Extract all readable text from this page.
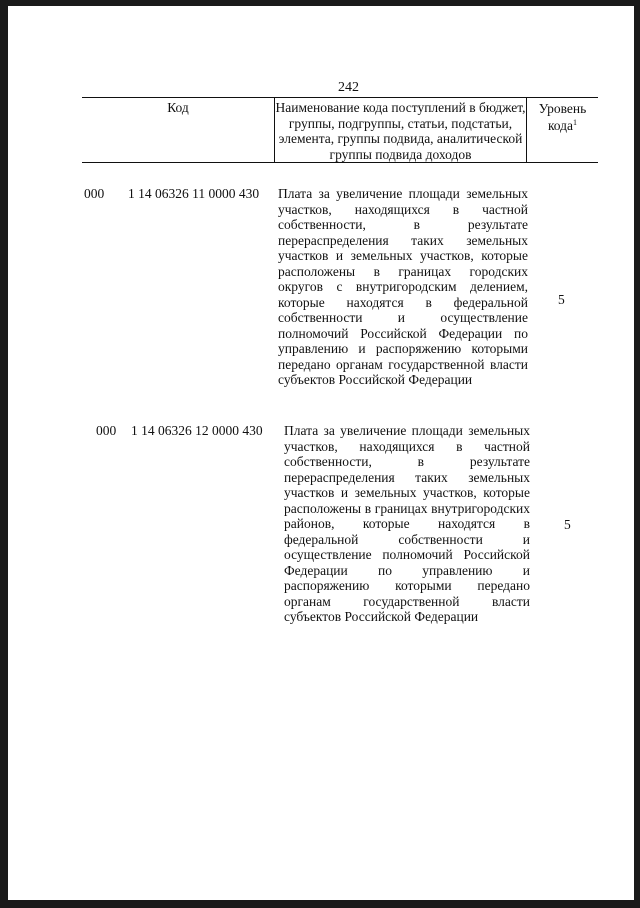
242
Код	Наименование кода поступлений в бюджет, группы, подгруппы, статьи, подстатьи, элемента, группы подвида, аналитической группы подвида доходов
Уровень кода$^1$
000 1 14 06326 11 0000 430 Плата за увеличение площади земельных участков, находящихся в частной собственности, в результате перераспределения таких земельных участков и земельных участков, которые расположены в границах городских округов с внутригородским делением, которые находятся в федеральной собственности и осуществление полномочий Российской Федерации по управлению и распоряжению которыми передано органам государственной власти субъектов Российской Федерации
5
000 1 14 06326 12 0000 430 Плата за увеличение площади земельных участков, находящихся в частной собственности, в результате перераспределения таких земельных участков и земельных участков, которые расположены в границах внутригородских районов, которые находятся в федеральной собственности и осуществление полномочий Российской Федерации по управлению и распоряжению которыми передано органам государственной власти субъектов Российской Федерации
5
